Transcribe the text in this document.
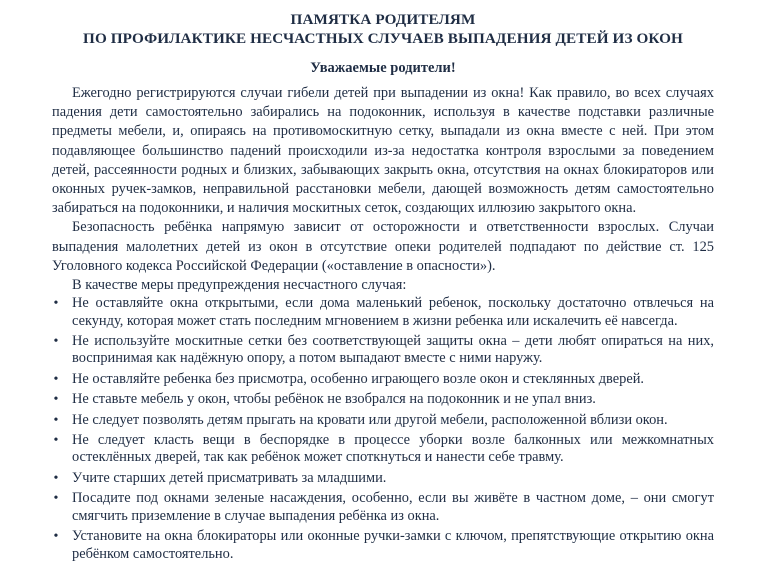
ПАМЯТКА РОДИТЕЛЯМ

ПО ПРОФИЛАКТИКЕ НЕСЧАСТНЫХ СЛУЧАЕВ ВЫПАДЕНИЯ ДЕТЕЙ ИЗ ОКОН

Уважаемые родители!

Ежегодно регистрируются случаи гибели детей при выпадении из окна! Как правило, во всех случаях падения дети самостоятельно забирались на подоконник, используя в качестве подставки различные предметы мебели, и, опираясь на противомоскитную сетку, выпадали из окна вместе с ней. При этом подавляющее большинство падений происходили из-за недостатка контроля взрослыми за поведением детей, рассеянности родных и близких, забывающих закрыть окна, отсутствия на окнах блокираторов или оконных ручек-замков, неправильной расстановки мебели, дающей возможность детям самостоятельно забираться на подоконники, и наличия москитных сеток, создающих иллюзию закрытого окна.

Безопасность ребёнка напрямую зависит от осторожности и ответственности взрослых. Случаи выпадения малолетних детей из окон в отсутствие опеки родителей подпадают по действие ст. 125 Уголовного кодекса Российской Федерации («оставление в опасности»).

В качестве меры предупреждения несчастного случая:

• Не оставляйте окна открытыми, если дома маленький ребенок, поскольку достаточно отвлечься на секунду, которая может стать последним мгновением в жизни ребенка или искалечить её навсегда.
• Не используйте москитные сетки без соответствующей защиты окна – дети любят опираться на них, воспринимая как надёжную опору, а потом выпадают вместе с ними наружу.
• Не оставляйте ребенка без присмотра, особенно играющего возле окон и стеклянных дверей.
• Не ставьте мебель у окон, чтобы ребёнок не взобрался на подоконник и не упал вниз.
• Не следует позволять детям прыгать на кровати или другой мебели, расположенной вблизи окон.
• Не следует класть вещи в беспорядке в процессе уборки возле балконных или межкомнатных остеклённых дверей, так как ребёнок может споткнуться и нанести себе травму.
• Учите старших детей присматривать за младшими.
• Посадите под окнами зеленые насаждения, особенно, если вы живёте в частном доме, – они смогут смягчить приземление в случае выпадения ребёнка из окна.
• Установите на окна блокираторы или оконные ручки-замки с ключом, препятствующие открытию окна ребёнком самостоятельно.
